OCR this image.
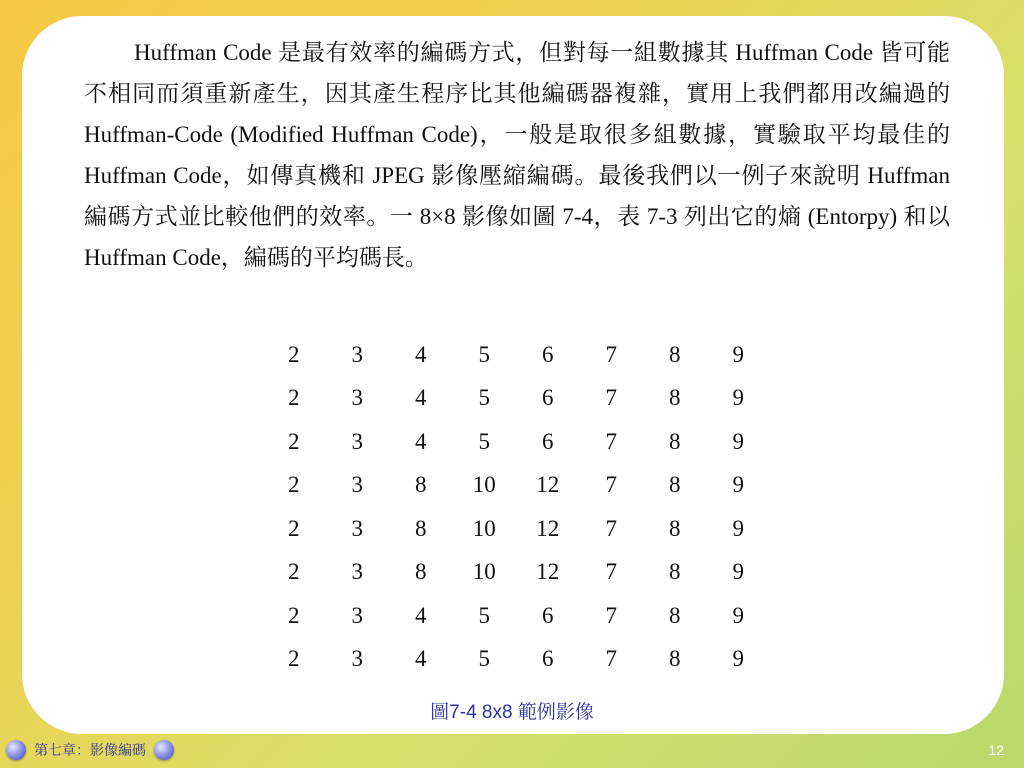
Huffman Code 是最有效率的編碼方式，但對每一組數據其 Huffman Code 皆可能不相同而須重新產生，因其產生程序比其他編碼器複雜，實用上我們都用改編過的 Huffman-Code (Modified Huffman Code)，一般是取很多組數據，實驗取平均最佳的 Huffman Code，如傳真機和 JPEG 影像壓縮編碼。最後我們以一例子來說明 Huffman 編碼方式並比較他們的效率。一 8×8 影像如圖 7-4，表 7-3 列出它的熵 (Entorpy) 和以 Huffman Code，編碼的平均碼長。
2	3	4	5	6	7	8	9
2	3	4	5	6	7	8	9
2	3	4	5	6	7	8	9
2	3	8	10	12	7	8	9
2	3	8	10	12	7	8	9
2	3	8	10	12	7	8	9
2	3	4	5	6	7	8	9
2	3	4	5	6	7	8	9
圖7-4 8x8 範例影像
第七章：影像編碼	12
